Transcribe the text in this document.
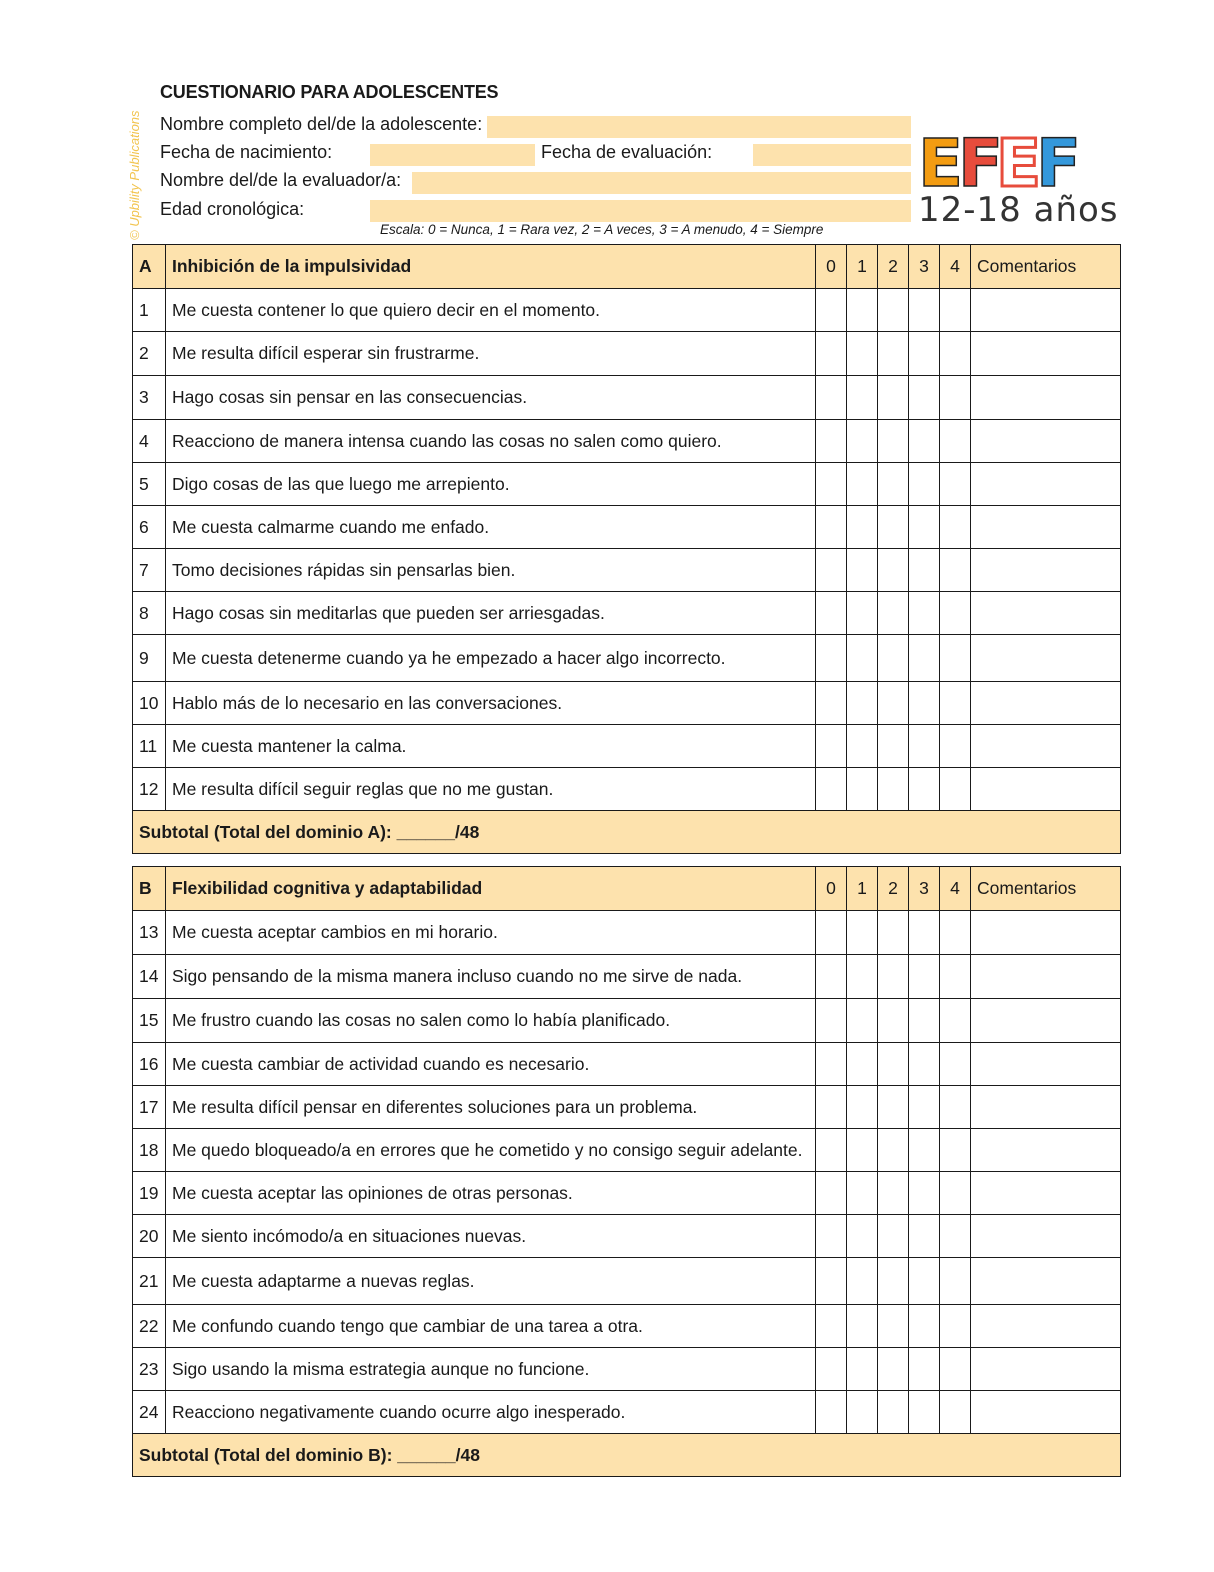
© Upbility Publications
CUESTIONARIO PARA ADOLESCENTES
Nombre completo del/de la adolescente:
Fecha de nacimiento:	Fecha de evaluación:
Nombre del/de la evaluador/a:
Edad cronológica:
Escala: 0 = Nunca, 1 = Rara vez, 2 = A veces, 3 = A menudo, 4 = Siempre
E
F
E
F
12-18 años
A	Inhibición de la impulsividad	0	1	2	3	4	Comentarios
1	Me cuesta contener lo que quiero decir en el momento.						
2	Me resulta difícil esperar sin frustrarme.						
3	Hago cosas sin pensar en las consecuencias.						
4	Reacciono de manera intensa cuando las cosas no salen como quiero.						
5	Digo cosas de las que luego me arrepiento.						
6	Me cuesta calmarme cuando me enfado.						
7	Tomo decisiones rápidas sin pensarlas bien.						
8	Hago cosas sin meditarlas que pueden ser arriesgadas.						
9	Me cuesta detenerme cuando ya he empezado a hacer algo incorrecto.						
10	Hablo más de lo necesario en las conversaciones.						
11	Me cuesta mantener la calma.						
12	Me resulta difícil seguir reglas que no me gustan.						
Subtotal (Total del dominio A): ______/48							
B	Flexibilidad cognitiva y adaptabilidad	0	1	2	3	4	Comentarios
13	Me cuesta aceptar cambios en mi horario.						
14	Sigo pensando de la misma manera incluso cuando no me sirve de nada.						
15	Me frustro cuando las cosas no salen como lo había planificado.						
16	Me cuesta cambiar de actividad cuando es necesario.						
17	Me resulta difícil pensar en diferentes soluciones para un problema.						
18	Me quedo bloqueado/a en errores que he cometido y no consigo seguir adelante.						
19	Me cuesta aceptar las opiniones de otras personas.						
20	Me siento incómodo/a en situaciones nuevas.						
21	Me cuesta adaptarme a nuevas reglas.						
22	Me confundo cuando tengo que cambiar de una tarea a otra.						
23	Sigo usando la misma estrategia aunque no funcione.						
24	Reacciono negativamente cuando ocurre algo inesperado.						
Subtotal (Total del dominio B): ______/48							
